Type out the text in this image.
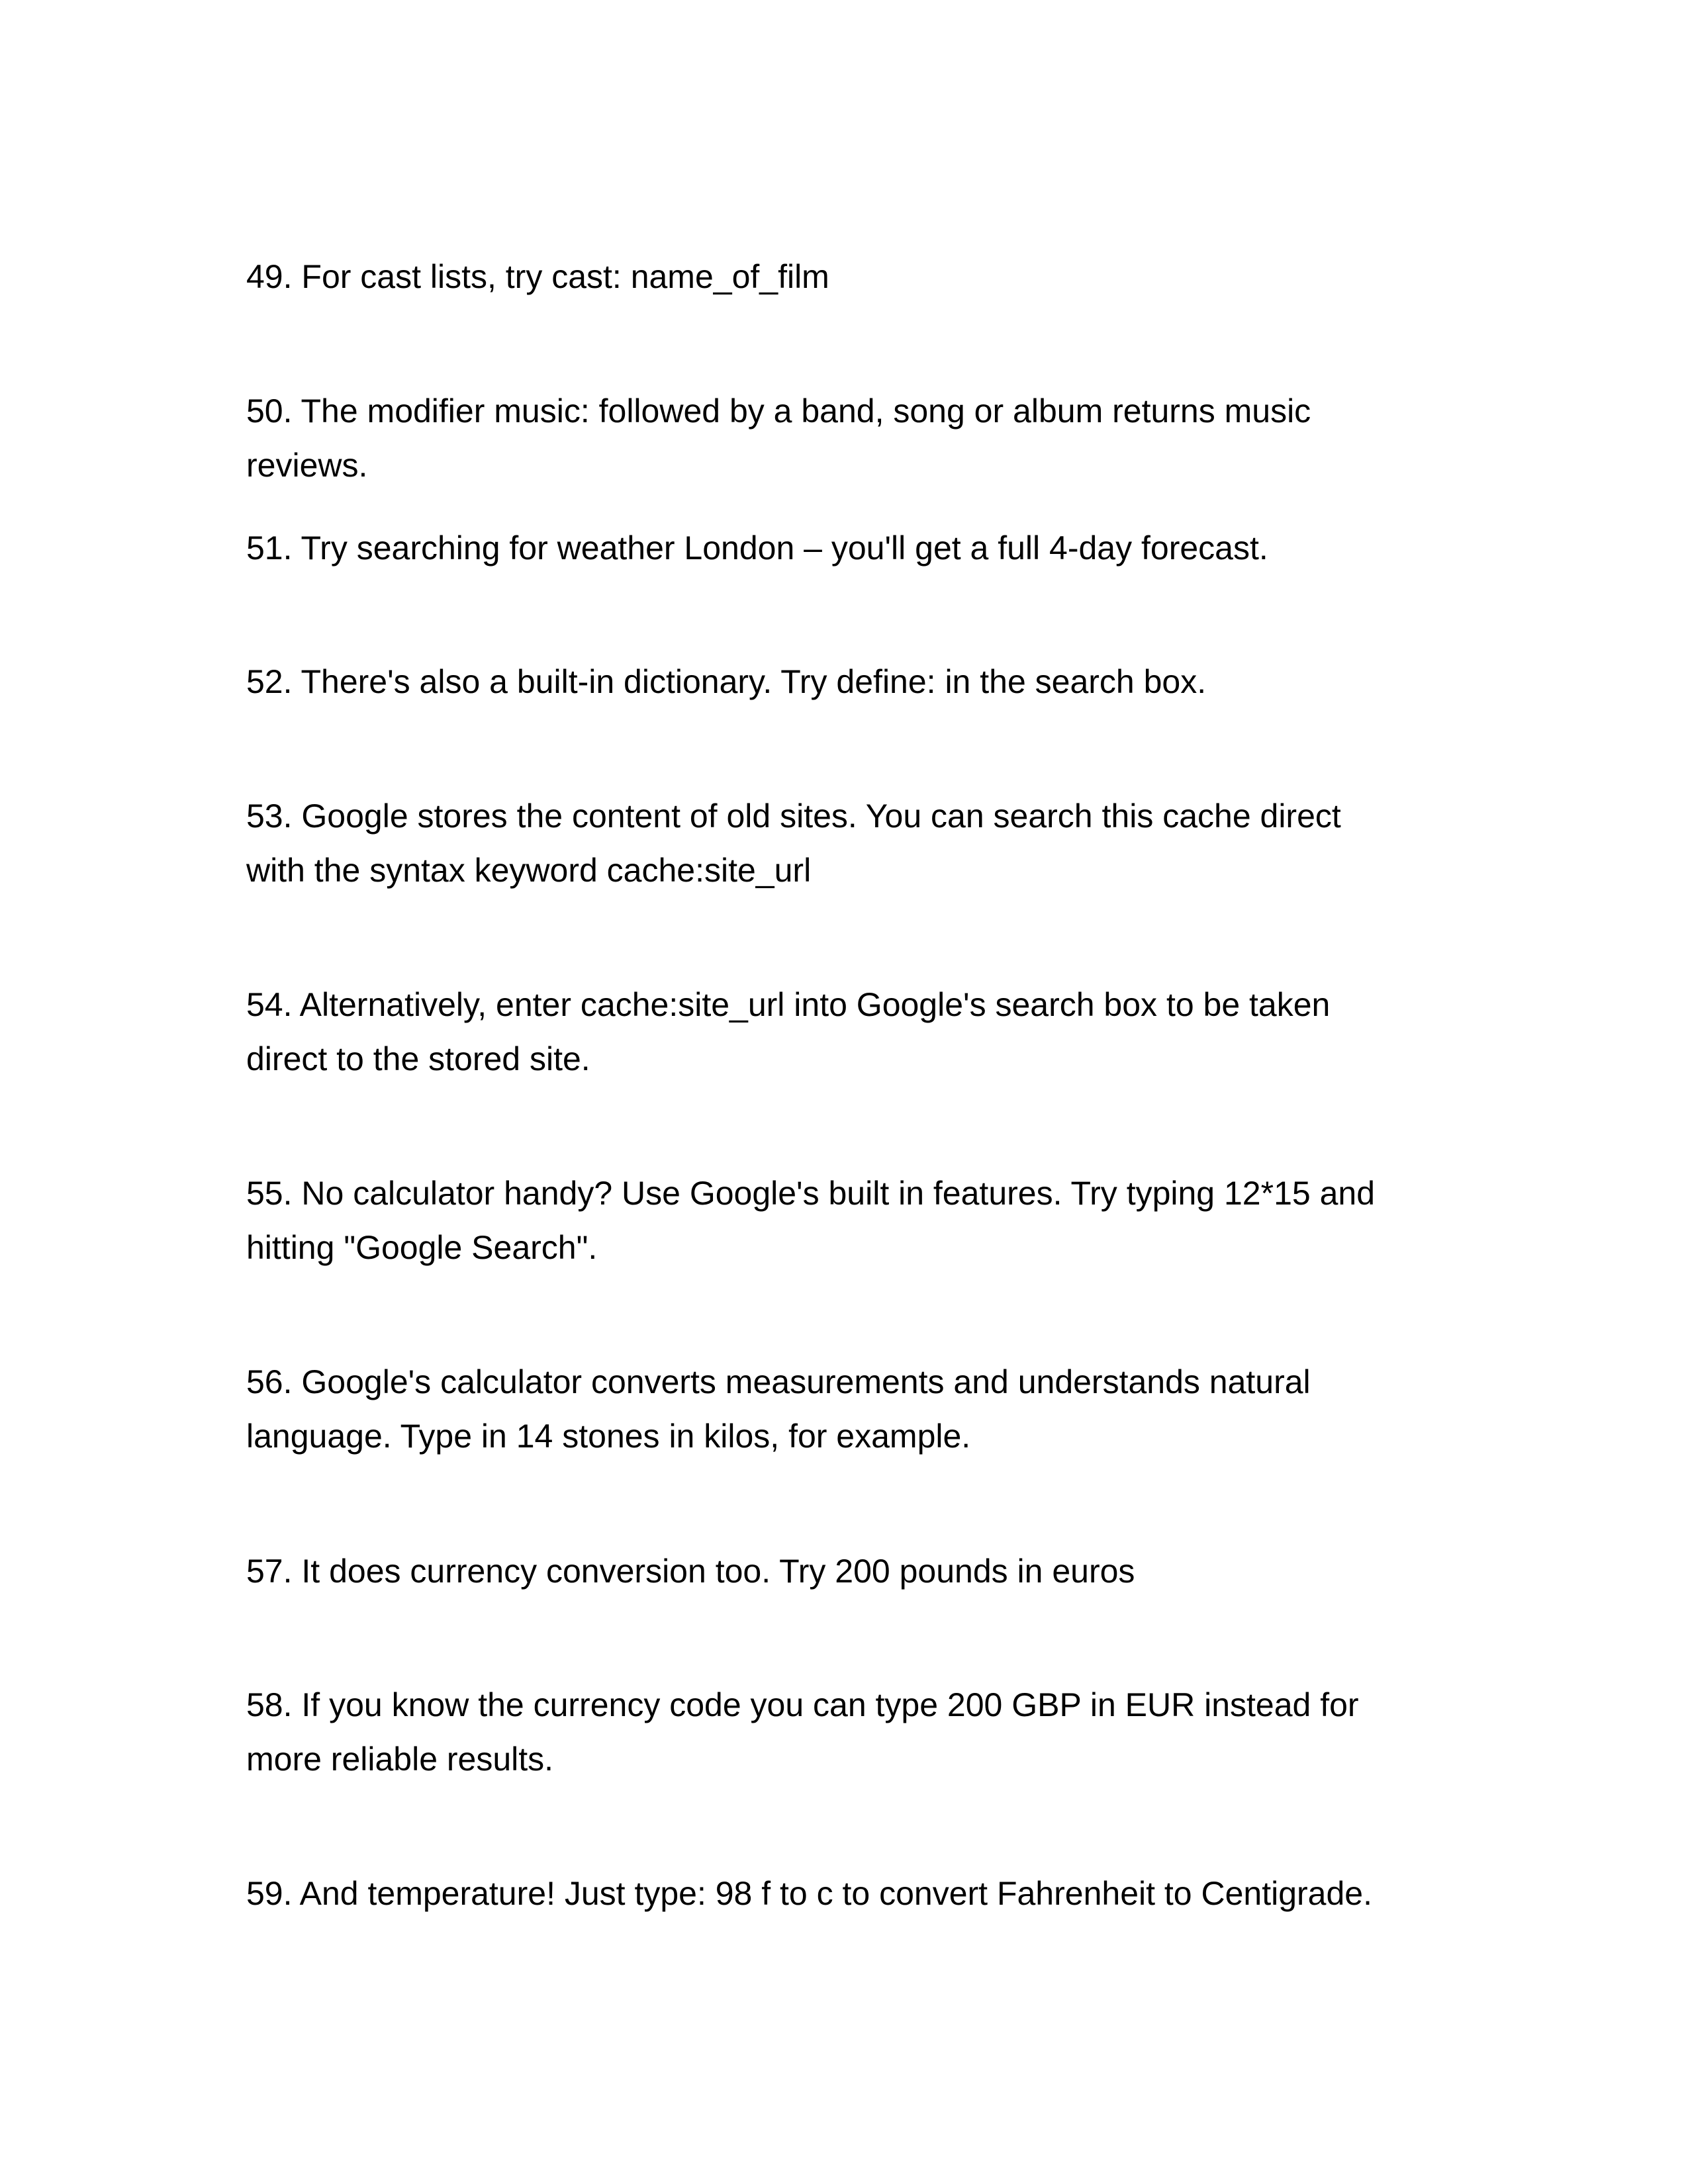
49. For cast lists, try cast: name_of_film

50. The modifier music: followed by a band, song or album returns music
reviews.

51. Try searching for weather London – you'll get a full 4-day forecast.

52. There's also a built-in dictionary. Try define: in the search box.

53. Google stores the content of old sites. You can search this cache direct
with the syntax keyword cache:site_url

54. Alternatively, enter cache:site_url into Google's search box to be taken
direct to the stored site.

55. No calculator handy? Use Google's built in features. Try typing 12*15 and
hitting "Google Search".

56. Google's calculator converts measurements and understands natural
language. Type in 14 stones in kilos, for example.

57. It does currency conversion too. Try 200 pounds in euros

58. If you know the currency code you can type 200 GBP in EUR instead for
more reliable results.

59. And temperature! Just type: 98 f to c to convert Fahrenheit to Centigrade.
